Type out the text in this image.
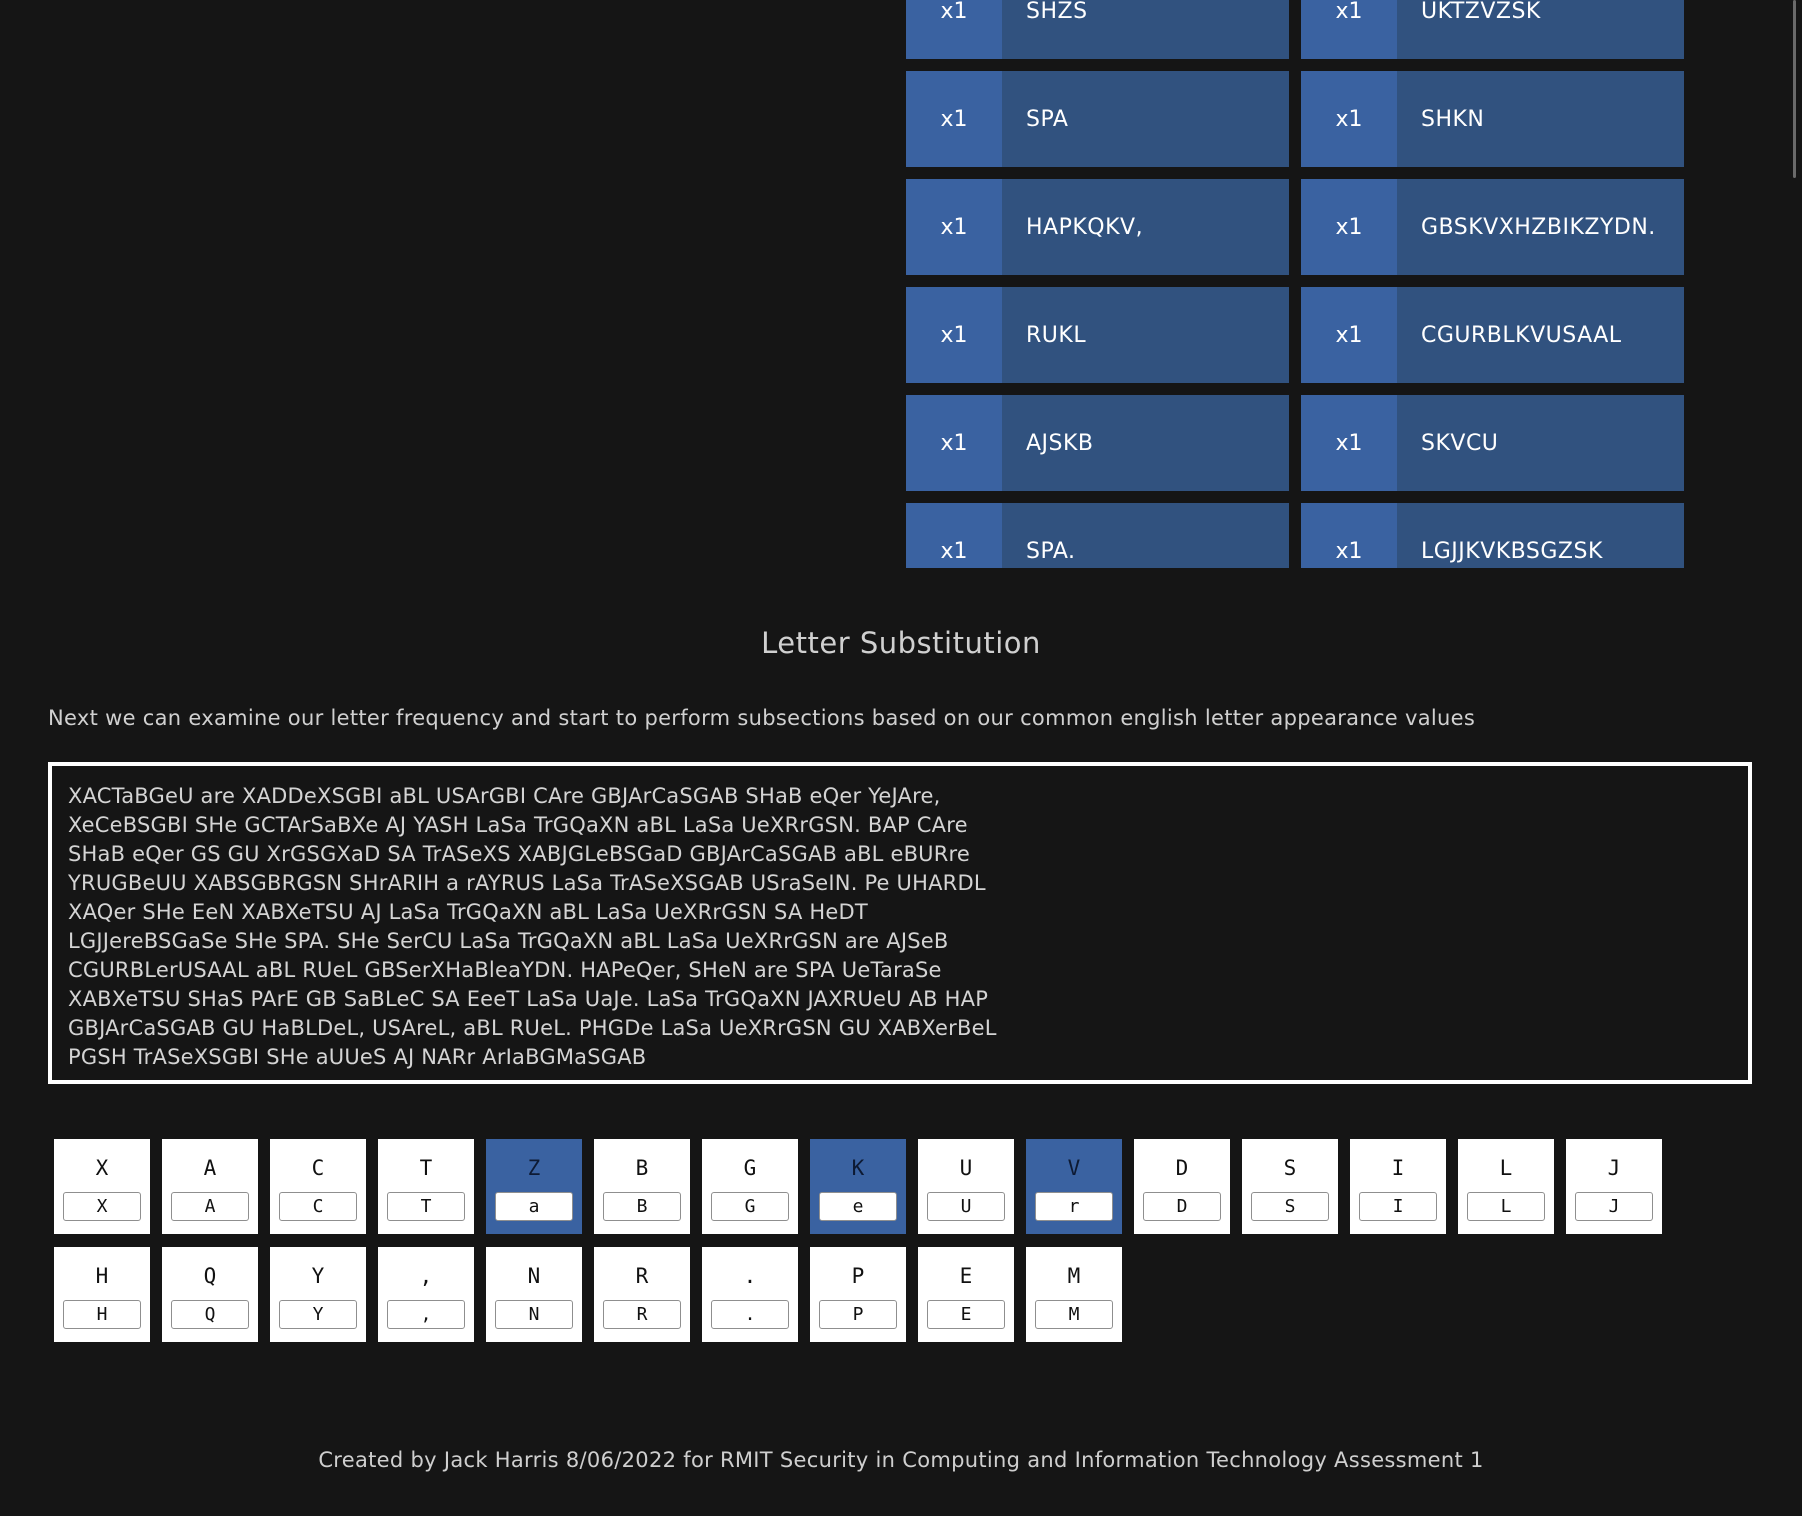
x1	SHZS	x1	UKTZVZSK
x1	SPA	x1	SHKN
x1	HAPKQKV,	x1	GBSKVXHZBIKZYDN.
x1	RUKL	x1	CGURBLKVUSAAL
x1	AJSKB	x1	SKVCU
x1	SPA.	x1	LGJJKVKBSGZSK
Letter Substitution

Next we can examine our letter frequency and start to perform subsections based on our common english letter appearance values

XACTaBGeU are XADDeXSGBI aBL USArGBI CAre GBJArCaSGAB SHaB eQer YeJAre,
XeCeBSGBI SHe GCTArSaBXe AJ YASH LaSa TrGQaXN aBL LaSa UeXRrGSN. BAP CAre
SHaB eQer GS GU XrGSGXaD SA TrASeXS XABJGLeBSGaD GBJArCaSGAB aBL eBURre
YRUGBeUU XABSGBRGSN SHrARIH a rAYRUS LaSa TrASeXSGAB USraSeIN. Pe UHARDL
XAQer SHe EeN XABXeTSU AJ LaSa TrGQaXN aBL LaSa UeXRrGSN SA HeDT
LGJJereBSGaSe SHe SPA. SHe SerCU LaSa TrGQaXN aBL LaSa UeXRrGSN are AJSeB
CGURBLerUSAAL aBL RUeL GBSerXHaBleaYDN. HAPeQer, SHeN are SPA UeTaraSe
XABXeTSU SHaS PArE GB SaBLeC SA EeeT LaSa UaJe. LaSa TrGQaXN JAXRUeU AB HAP
GBJArCaSGAB GU HaBLDeL, USAreL, aBL RUeL. PHGDe LaSa UeXRrGSN GU XABXerBeL
PGSH TrASeXSGBI SHe aUUeS AJ NARr ArIaBGMaSGAB
X
X	A
A	C
C	T
T	Z
a	B
B	G
G	K
e	U
U	V
r	D
D	S
S	I
I	L
L	J
J
H
H	Q
Q	Y
Y	,
,	N
N	R
R	.
.	P
P	E
E	M
M
Created by Jack Harris 8/06/2022 for RMIT Security in Computing and Information Technology Assessment 1
